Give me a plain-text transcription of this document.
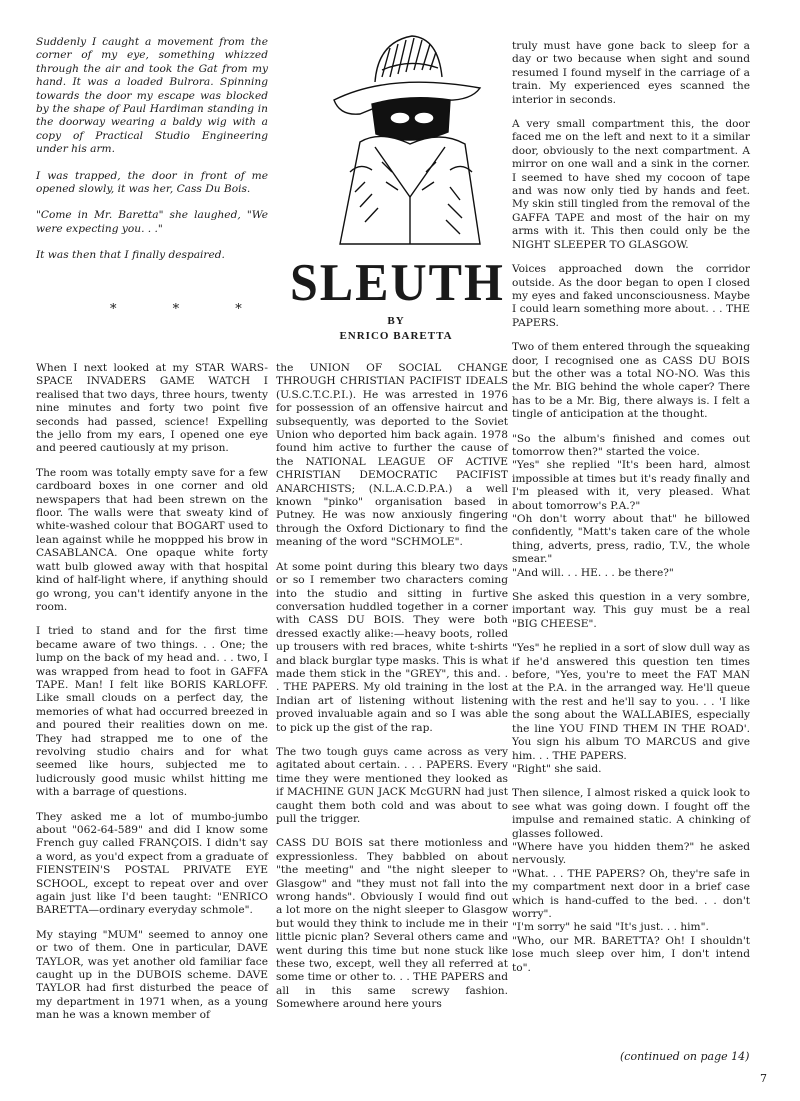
SLEUTH
BY
ENRICO BARETTA

Suddenly I caught a movement from the corner of my eye, something whizzed through the air and took the Gat from my hand. It was a loaded Bulrora. Spinning towards the door my escape was blocked by the shape of Paul Hardiman standing in the doorway wearing a baldy wig with a copy of Practical Studio Engineering under his arm.

I was trapped, the door in front of me opened slowly, it was her, Cass Du Bois.

"Come in Mr. Baretta" she laughed, "We were expecting you. . ."

It was then that I finally despaired.

* * *

When I next looked at my STAR WARS-SPACE INVADERS GAME WATCH I realised that two days, three hours, twenty nine minutes and forty two point five seconds had passed, science! Expelling the jello from my ears, I opened one eye and peered cautiously at my prison.

The room was totally empty save for a few cardboard boxes in one corner and old newspapers that had been strewn on the floor. The walls were that sweaty kind of white-washed colour that BOGART used to lean against while he moppped his brow in CASABLANCA. One opaque white forty watt bulb glowed away with that hospital kind of half-light where, if anything should go wrong, you can't identify anyone in the room.

I tried to stand and for the first time became aware of two things. . . One; the lump on the back of my head and. . . two, I was wrapped from head to foot in GAFFA TAPE. Man! I felt like BORIS KARLOFF. Like small clouds on a perfect day, the memories of what had occurred breezed in and poured their realities down on me. They had strapped me to one of the revolving studio chairs and for what seemed like hours, subjected me to ludicrously good music whilst hitting me with a barrage of questions.

They asked me a lot of mumbo-jumbo about "062-64-589" and did I know some French guy called FRANÇOIS. I didn't say a word, as you'd expect from a graduate of FIENSTEIN'S POSTAL PRIVATE EYE SCHOOL, except to repeat over and over again just like I'd been taught: "ENRICO BARETTA—ordinary everyday schmole".

My staying "MUM" seemed to annoy one or two of them. One in particular, DAVE TAYLOR, was yet another old familiar face caught up in the DUBOIS scheme. DAVE TAYLOR had first disturbed the peace of my department in 1971 when, as a young man he was a known member of

the UNION OF SOCIAL CHANGE THROUGH CHRISTIAN PACIFIST IDEALS (U.S.C.T.C.P.I.). He was arrested in 1976 for possession of an offensive haircut and subsequently, was deported to the Soviet Union who deported him back again. 1978 found him active to further the cause of the NATIONAL LEAGUE OF ACTIVE CHRISTIAN DEMOCRATIC PACIFIST ANARCHISTS; (N.L.A.C.D.P.A.) a well known "pinko" organisation based in Putney. He was now anxiously fingering through the Oxford Dictionary to find the meaning of the word "SCHMOLE".

At some point during this bleary two days or so I remember two characters coming into the studio and sitting in furtive conversation huddled together in a corner with CASS DU BOIS. They were both dressed exactly alike:—heavy boots, rolled up trousers with red braces, white t-shirts and black burglar type masks. This is what made them stick in the "GREY", this and. . . THE PAPERS. My old training in the lost Indian art of listening without listening proved invaluable again and so I was able to pick up the gist of the rap.

The two tough guys came across as very agitated about certain. . . . PAPERS. Every time they were mentioned they looked as if MACHINE GUN JACK McGURN had just caught them both cold and was about to pull the trigger.

CASS DU BOIS sat there motionless and expressionless. They babbled on about "the meeting" and "the night sleeper to Glasgow" and "they must not fall into the wrong hands". Obviously I would find out a lot more on the night sleeper to Glasgow but would they think to include me in their little picnic plan? Several others came and went during this time but none stuck like these two, except, well they all referred at some time or other to. . . THE PAPERS and all in this same screwy fashion. Somewhere around here yours

truly must have gone back to sleep for a day or two because when sight and sound resumed I found myself in the carriage of a train. My experienced eyes scanned the interior in seconds.

A very small compartment this, the door faced me on the left and next to it a similar door, obviously to the next compartment. A mirror on one wall and a sink in the corner. I seemed to have shed my cocoon of tape and was now only tied by hands and feet. My skin still tingled from the removal of the GAFFA TAPE and most of the hair on my arms with it. This then could only be the NIGHT SLEEPER TO GLASGOW.

Voices approached down the corridor outside. As the door began to open I closed my eyes and faked unconsciousness. Maybe I could learn something more about. . . THE PAPERS.

Two of them entered through the squeaking door, I recognised one as CASS DU BOIS but the other was a total NO-NO. Was this the Mr. BIG behind the whole caper? There has to be a Mr. Big, there always is. I felt a tingle of anticipation at the thought.

"So the album's finished and comes out tomorrow then?" started the voice.
"Yes" she replied "It's been hard, almost impossible at times but it's ready finally and I'm pleased with it, very pleased. What about tomorrow's P.A.?"
"Oh don't worry about that" he billowed confidently, "Matt's taken care of the whole thing, adverts, press, radio, T.V., the whole smear."
"And will. . . HE. . . be there?"

She asked this question in a very sombre, important way. This guy must be a real "BIG CHEESE".

"Yes" he replied in a sort of slow dull way as if he'd answered this question ten times before, "Yes, you're to meet the FAT MAN at the P.A. in the arranged way. He'll queue with the rest and he'll say to you. . . 'I like the song about the WALLABIES, especially the line YOU FIND THEM IN THE ROAD'. You sign his album TO MARCUS and give him. . . THE PAPERS.
"Right" she said.

Then silence, I almost risked a quick look to see what was going down. I fought off the impulse and remained static. A chinking of glasses followed.
"Where have you hidden them?" he asked nervously.
"What. . . THE PAPERS? Oh, they're safe in my compartment next door in a brief case which is hand-cuffed to the bed. . . don't worry".
"I'm sorry" he said "It's just. . . him".
"Who, our MR. BARETTA? Oh! I shouldn't lose much sleep over him, I don't intend to".

(continued on page 14)
7
